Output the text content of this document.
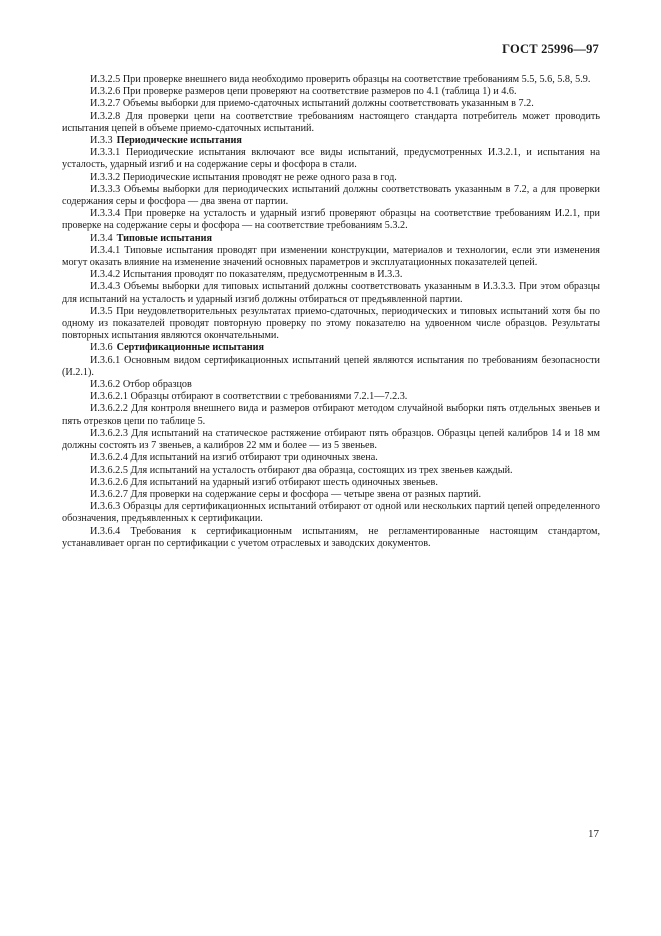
ГОСТ 25996—97

И.3.2.5 При проверке внешнего вида необходимо проверить образцы на соответствие требованиям 5.5, 5.6, 5.8, 5.9.

И.3.2.6 При проверке размеров цепи проверяют на соответствие размеров по 4.1 (таблица 1) и 4.6.

И.3.2.7 Объемы выборки для приемо-сдаточных испытаний должны соответствовать указанным в 7.2.

И.3.2.8 Для проверки цепи на соответствие требованиям настоящего стандарта потребитель может проводить испытания цепей в объеме приемо-сдаточных испытаний.

И.3.3 Периодические испытания

И.3.3.1 Периодические испытания включают все виды испытаний, предусмотренных И.3.2.1, и испытания на усталость, ударный изгиб и на содержание серы и фосфора в стали.

И.3.3.2 Периодические испытания проводят не реже одного раза в год.

И.3.3.3 Объемы выборки для периодических испытаний должны соответствовать указанным в 7.2, а для проверки содержания серы и фосфора — два звена от партии.

И.3.3.4 При проверке на усталость и ударный изгиб проверяют образцы на соответствие требованиям И.2.1, при проверке на содержание серы и фосфора — на соответствие требованиям 5.3.2.

И.3.4 Типовые испытания

И.3.4.1 Типовые испытания проводят при изменении конструкции, материалов и технологии, если эти изменения могут оказать влияние на изменение значений основных параметров и эксплуатационных показателей цепей.

И.3.4.2 Испытания проводят по показателям, предусмотренным в И.3.3.

И.3.4.3 Объемы выборки для типовых испытаний должны соответствовать указанным в И.3.3.3. При этом образцы для испытаний на усталость и ударный изгиб должны отбираться от предъявленной партии.

И.3.5 При неудовлетворительных результатах приемо-сдаточных, периодических и типовых испытаний хотя бы по одному из показателей проводят повторную проверку по этому показателю на удвоенном числе образцов. Результаты повторных испытания являются окончательными.

И.3.6 Сертификационные испытания

И.3.6.1 Основным видом сертификационных испытаний цепей являются испытания по требованиям безопасности (И.2.1).

И.3.6.2 Отбор образцов

И.3.6.2.1 Образцы отбирают в соответствии с требованиями 7.2.1—7.2.3.

И.3.6.2.2 Для контроля внешнего вида и размеров отбирают методом случайной выборки пять отдельных звеньев и пять отрезков цепи по таблице 5.

И.3.6.2.3 Для испытаний на статическое растяжение отбирают пять образцов. Образцы цепей калибров 14 и 18 мм должны состоять из 7 звеньев, а калибров 22 мм и более — из 5 звеньев.

И.3.6.2.4 Для испытаний на изгиб отбирают три одиночных звена.

И.3.6.2.5 Для испытаний на усталость отбирают два образца, состоящих из трех звеньев каждый.

И.3.6.2.6 Для испытаний на ударный изгиб отбирают шесть одиночных звеньев.

И.3.6.2.7 Для проверки на содержание серы и фосфора — четыре звена от разных партий.

И.3.6.3 Образцы для сертификационных испытаний отбирают от одной или нескольких партий цепей определенного обозначения, предъявленных к сертификации.

И.3.6.4 Требования к сертификационным испытаниям, не регламентированные настоящим стандартом, устанавливает орган по сертификации с учетом отраслевых и заводских документов.

17
